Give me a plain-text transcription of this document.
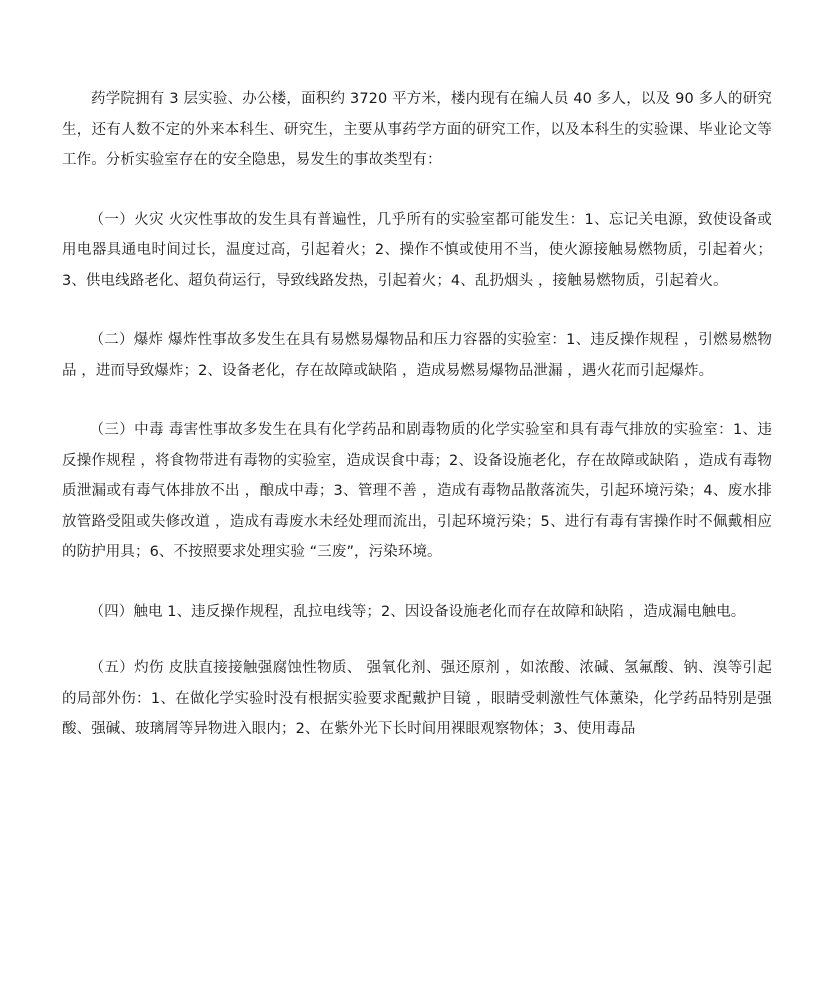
药学院拥有 3 层实验、办公楼，面积约 3720 平方米，楼内现有在编人员 40 多人，以及 90 多人的研究生，还有人数不定的外来本科生、研究生，主要从事药学方面的研究工作，以及本科生的实验课、毕业论文等工作。分析实验室存在的安全隐患，易发生的事故类型有：

（一）火灾 火灾性事故的发生具有普遍性，几乎所有的实验室都可能发生：1、忘记关电源，致使设备或用电器具通电时间过长，温度过高，引起着火；2、操作不慎或使用不当，使火源接触易燃物质，引起着火；3、供电线路老化、超负荷运行，导致线路发热，引起着火；4、乱扔烟头 ，接触易燃物质，引起着火。

（二）爆炸 爆炸性事故多发生在具有易燃易爆物品和压力容器的实验室：1、违反操作规程 ，引燃易燃物品 ，进而导致爆炸；2、设备老化，存在故障或缺陷 ，造成易燃易爆物品泄漏 ，遇火花而引起爆炸。

（三）中毒 毒害性事故多发生在具有化学药品和剧毒物质的化学实验室和具有毒气排放的实验室：1、违反操作规程 ，将食物带进有毒物的实验室，造成误食中毒；2、设备设施老化，存在故障或缺陷 ，造成有毒物质泄漏或有毒气体排放不出 ，酿成中毒；3、管理不善 ，造成有毒物品散落流失，引起环境污染；4、废水排放管路受阻或失修改道 ，造成有毒废水未经处理而流出，引起环境污染；5、进行有毒有害操作时不佩戴相应的防护用具；6、不按照要求处理实验 “三废”，污染环境。

（四）触电 1、违反操作规程，乱拉电线等；2、因设备设施老化而存在故障和缺陷 ，造成漏电触电。

（五）灼伤 皮肤直接接触强腐蚀性物质、 强氧化剂、强还原剂 ，如浓酸、浓碱、氢氟酸、钠、溴等引起的局部外伤：1、在做化学实验时没有根据实验要求配戴护目镜 ，眼睛受刺激性气体薰染，化学药品特别是强酸、强碱、玻璃屑等异物进入眼内；2、在紫外光下长时间用裸眼观察物体；3、使用毒品
